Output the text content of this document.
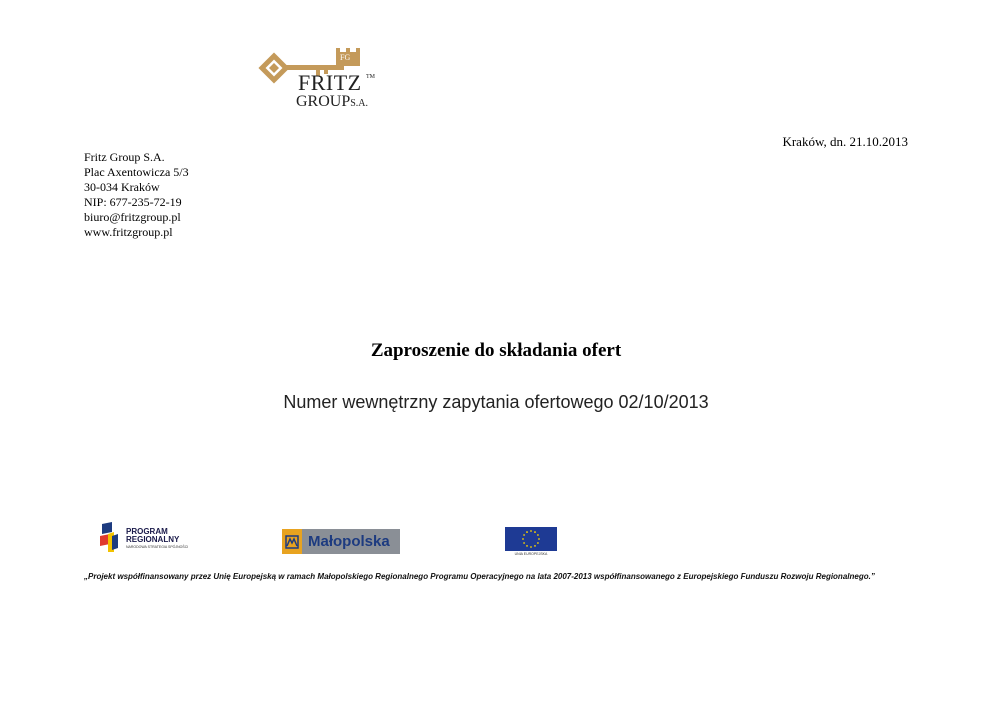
FG
FRITZ TM
GROUPS.A.
Kraków, dn. 21.10.2013
Fritz Group S.A.
Plac Axentowicza 5/3
30-034 Kraków
NIP: 677-235-72-19
biuro@fritzgroup.pl
www.fritzgroup.pl
Zaproszenie do składania ofert
Numer wewnętrzny zapytania ofertowego 02/10/2013
PROGRAM
REGIONALNY
NARODOWA STRATEGIA SPÓJNOŚCI	Małopolska
UNIA EUROPEJSKA
„Projekt współfinansowany przez Unię Europejską w ramach Małopolskiego Regionalnego Programu Operacyjnego na lata 2007-2013 współfinansowanego z Europejskiego Funduszu Rozwoju Regionalnego.”
